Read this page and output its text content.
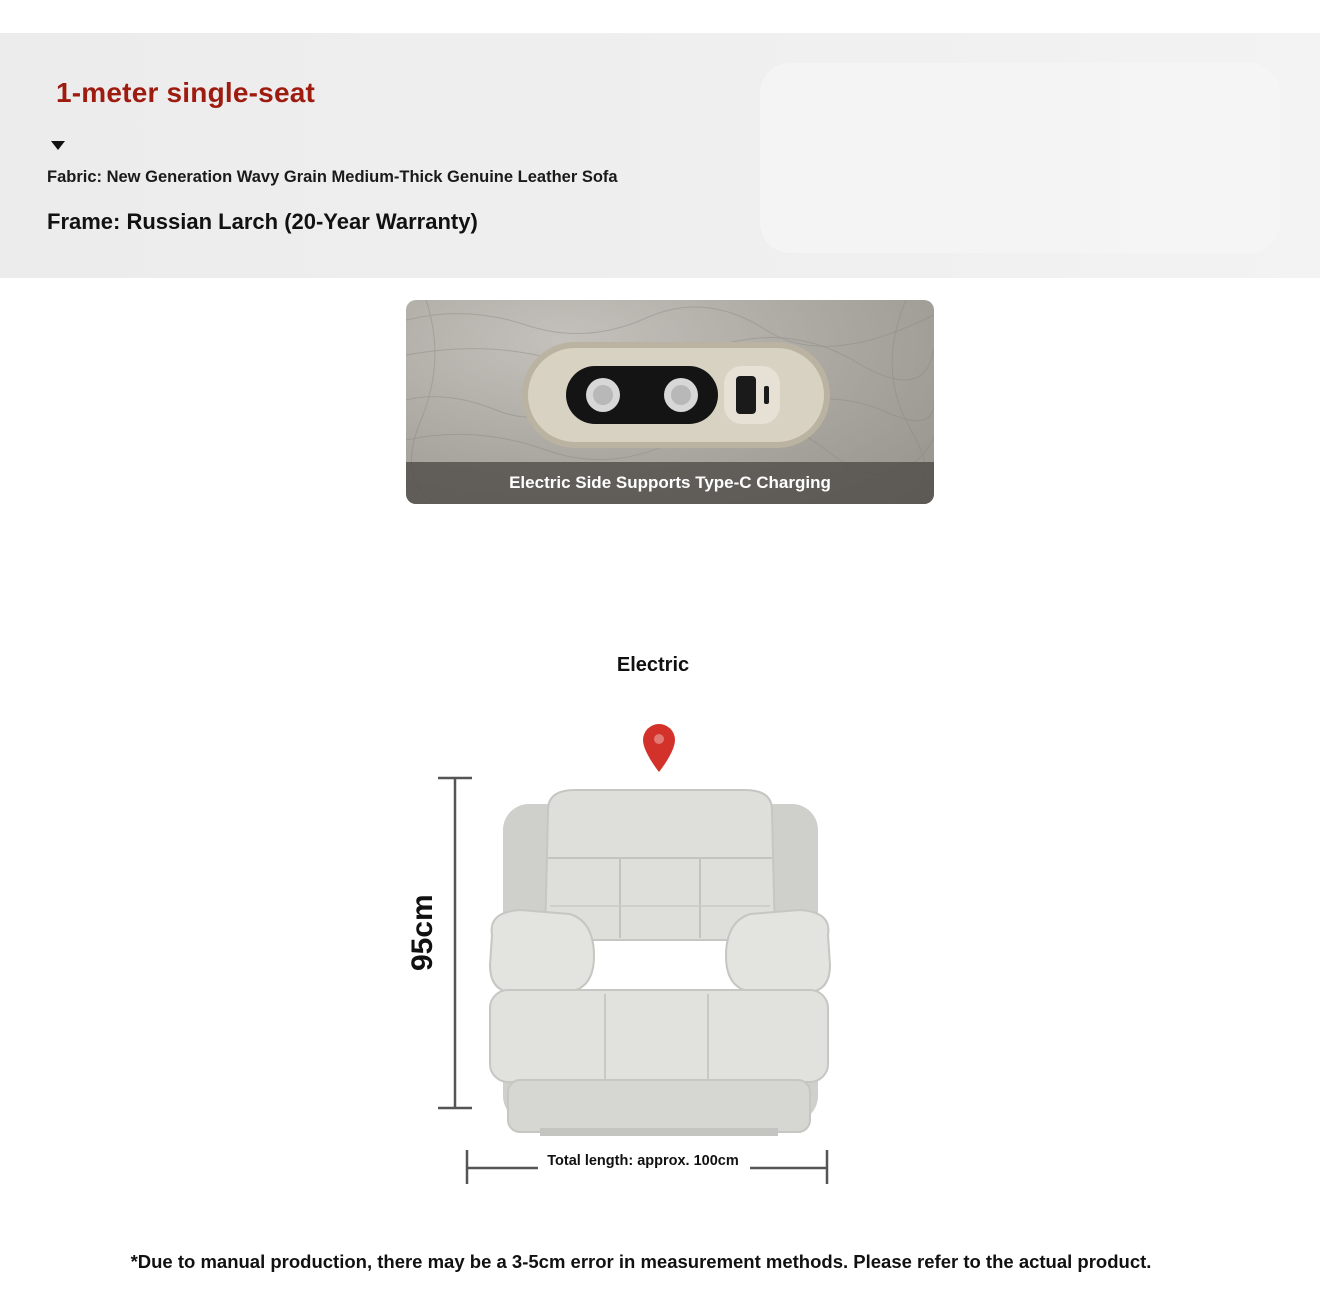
1-meter single-seat
Fabric: New Generation Wavy Grain Medium-Thick Genuine Leather Sofa
Frame: Russian Larch (20-Year Warranty)
Electric Side Supports Type-C Charging
Electric
95cm
Total length: approx. 100cm
*Due to manual production, there may be a 3-5cm error in measurement methods. Please refer to the actual product.
